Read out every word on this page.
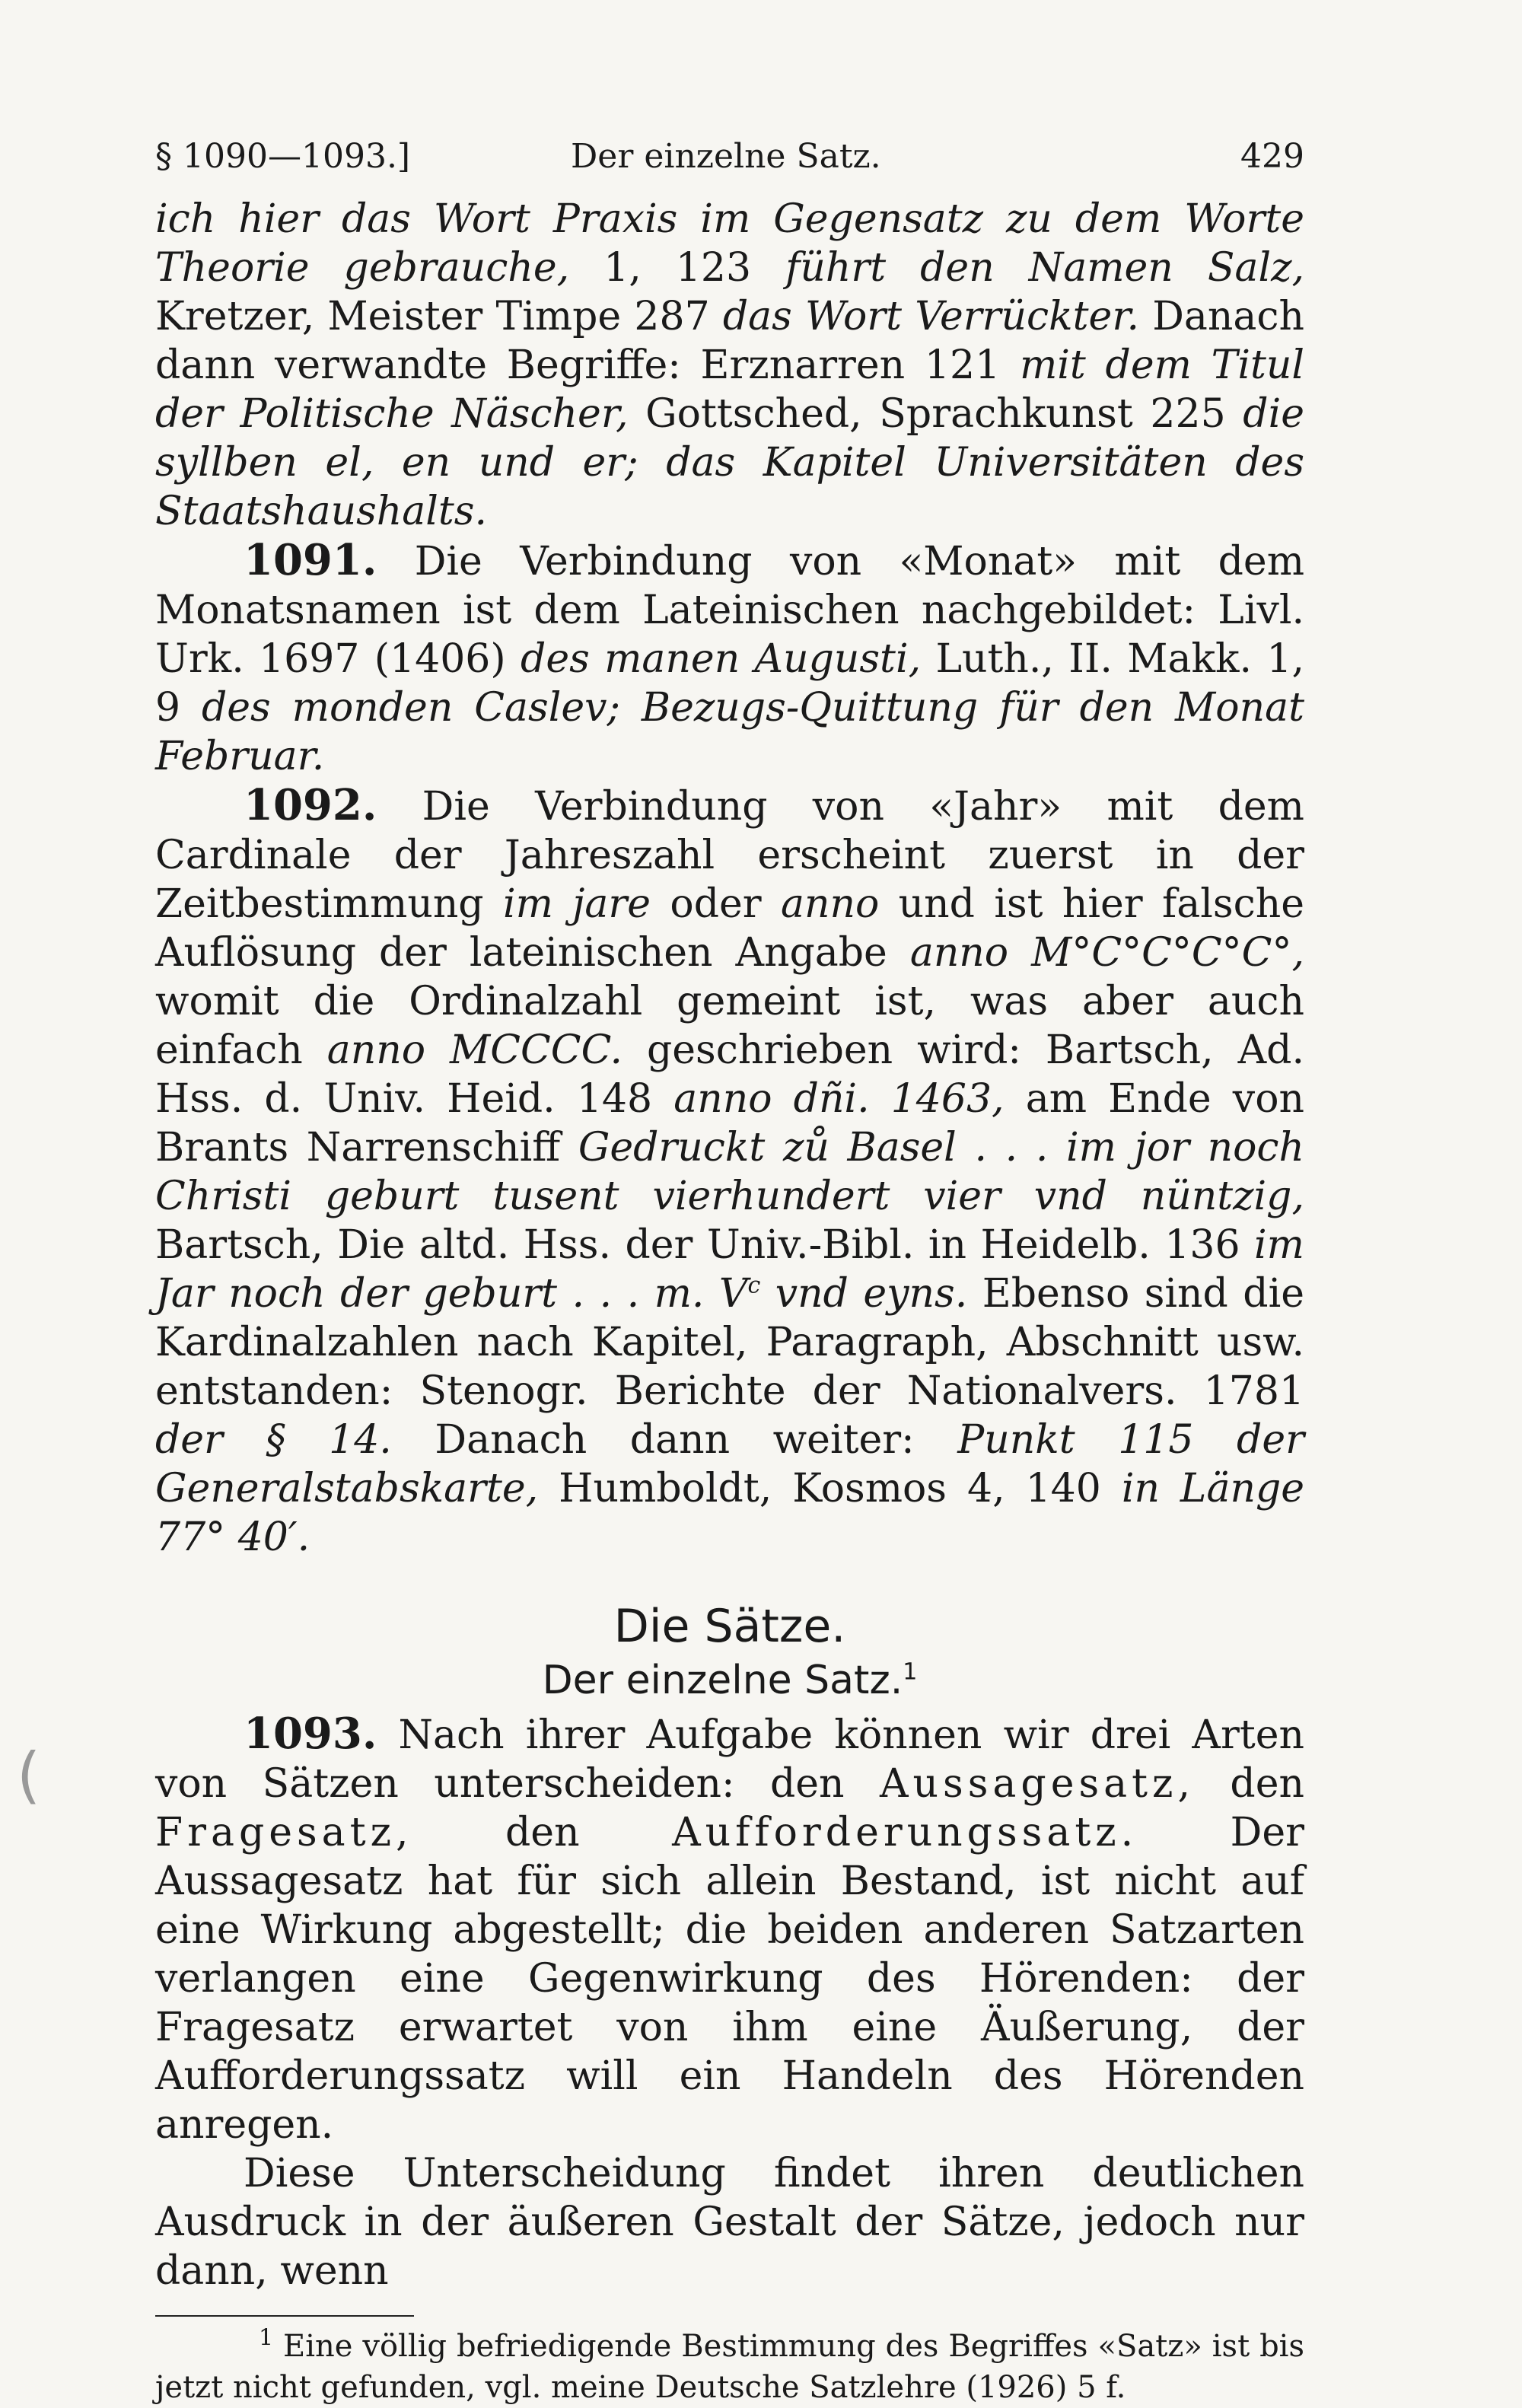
§ 1090—1093.]	Der einzelne Satz.	429

ich hier das Wort Praxis im Gegensatz zu dem Worte Theorie gebrauche, 1, 123 führt den Namen Salz, Kretzer, Meister Timpe 287 das Wort Verrückter. Danach dann verwandte Begriffe: Erznarren 121 mit dem Titul der Politische Näscher, Gottsched, Sprachkunst 225 die syllben el, en und er; das Kapitel Universitäten des Staatshaushalts.

1091. Die Verbindung von «Monat» mit dem Monatsnamen ist dem Lateinischen nachgebildet: Livl. Urk. 1697 (1406) des manen Augusti, Luth., II. Makk. 1, 9 des monden Caslev; Bezugs-Quittung für den Monat Februar.

1092. Die Verbindung von «Jahr» mit dem Cardinale der Jahreszahl erscheint zuerst in der Zeitbestimmung im jare oder anno und ist hier falsche Auflösung der lateinischen Angabe anno M°C°C°C°C°, womit die Ordinalzahl gemeint ist, was aber auch einfach anno MCCCC. geschrieben wird: Bartsch, Ad. Hss. d. Univ. Heid. 148 anno dñi. 1463, am Ende von Brants Narrenschiff Gedruckt zů Basel . . . im jor noch Christi geburt tusent vierhundert vier vnd nüntzig, Bartsch, Die altd. Hss. der Univ.-Bibl. in Heidelb. 136 im Jar noch der geburt . . . m. $V^c$ vnd eyns. Ebenso sind die Kardinalzahlen nach Kapitel, Paragraph, Abschnitt usw. entstanden: Stenogr. Berichte der Nationalvers. 1781 der § 14. Danach dann weiter: Punkt 115 der Generalstabskarte, Humboldt, Kosmos 4, 140 in Länge 77° 40′.

Die Sätze.
Der einzelne Satz.$^1$

1093. Nach ihrer Aufgabe können wir drei Arten von Sätzen unterscheiden: den Aussagesatz, den Fragesatz, den Aufforderungssatz. Der Aussagesatz hat für sich allein Bestand, ist nicht auf eine Wirkung abgestellt; die beiden anderen Satzarten verlangen eine Gegenwirkung des Hörenden: der Fragesatz erwartet von ihm eine Äußerung, der Aufforderungssatz will ein Handeln des Hörenden anregen.

Diese Unterscheidung findet ihren deutlichen Ausdruck in der äußeren Gestalt der Sätze, jedoch nur dann, wenn

$^1$ Eine völlig befriedigende Bestimmung des Begriffes «Satz» ist bis jetzt nicht gefunden, vgl. meine Deutsche Satzlehre (1926) 5 f.

(
